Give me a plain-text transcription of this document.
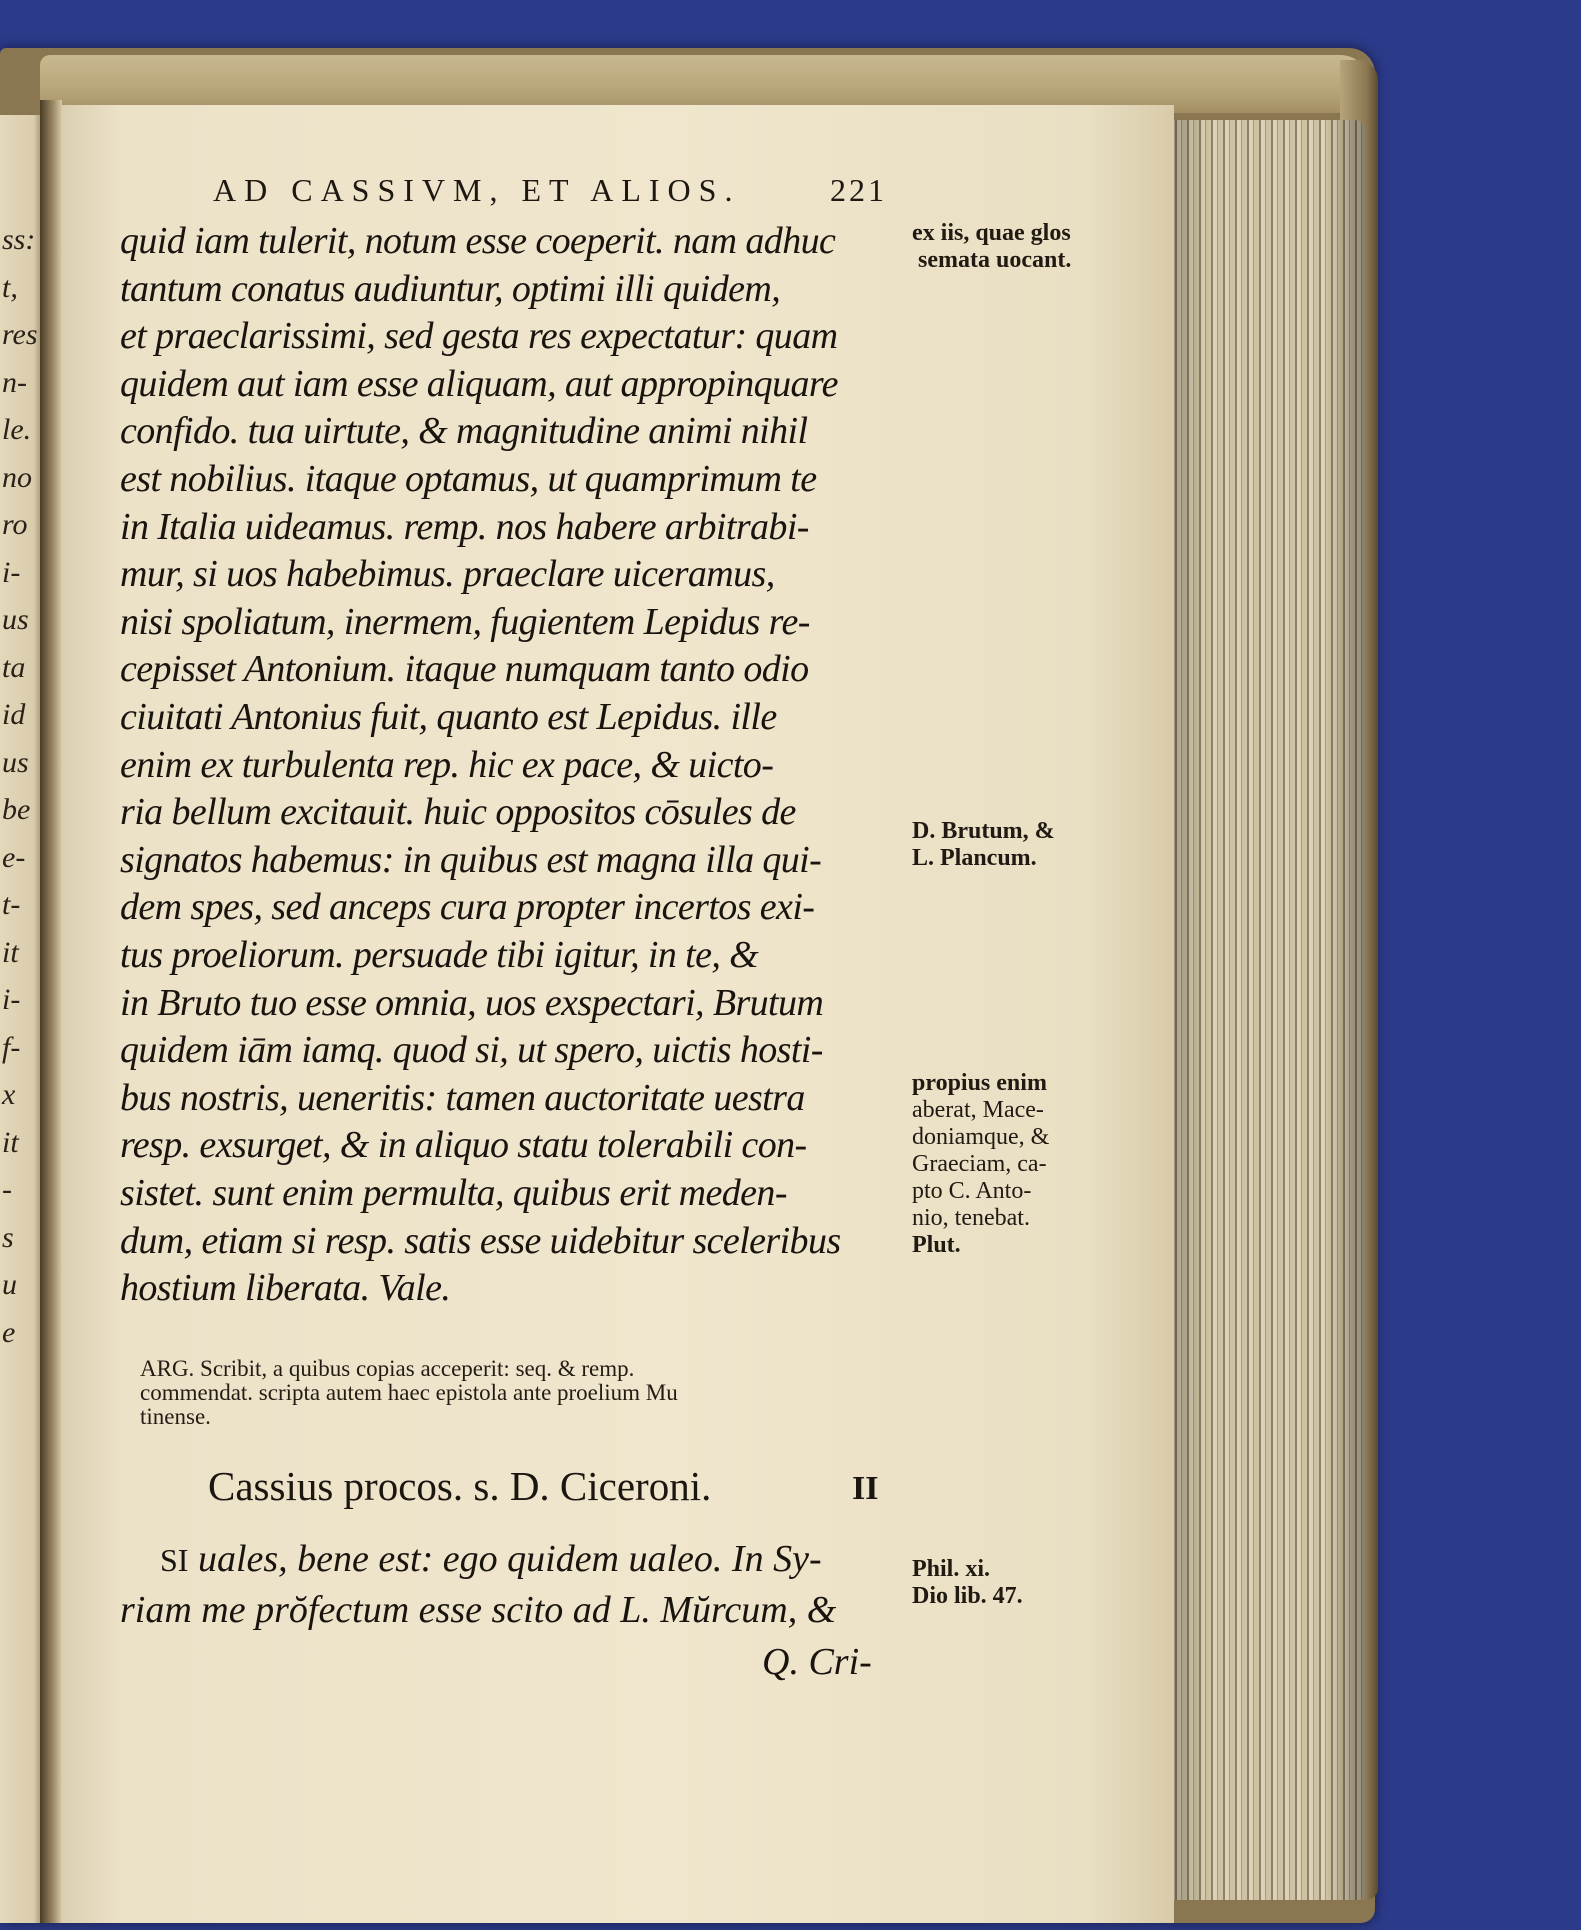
ss:
t,
res
n-
le.
no
ro
i-
us
ta
id
us
be
e-
t-
it
i-
f-
x
it
-
s
u
e
AD CASSIVM, ET ALIOS.	221
quid iam tulerit, notum esse coeperit. nam adhuc
tantum conatus audiuntur, optimi illi quidem,
et praeclarissimi, sed gesta res expectatur: quam
quidem aut iam esse aliquam, aut appropinquare
confido. tua uirtute, & magnitudine animi nihil
est nobilius. itaque optamus, ut quamprimum te
in Italia uideamus. remp. nos habere arbitrabi-
mur, si uos habebimus. praeclare uiceramus,
nisi spoliatum, inermem, fugientem Lepidus re-
cepisset Antonium. itaque numquam tanto odio
ciuitati Antonius fuit, quanto est Lepidus. ille
enim ex turbulenta rep. hic ex pace, & uicto-
ria bellum excitauit. huic oppositos cōsules de
signatos habemus: in quibus est magna illa qui-
dem spes, sed anceps cura propter incertos exi-
tus proeliorum. persuade tibi igitur, in te, &
in Bruto tuo esse omnia, uos exspectari, Brutum
quidem iām iamq. quod si, ut spero, uictis hosti-
bus nostris, ueneritis: tamen auctoritate uestra
resp. exsurget, & in aliquo statu tolerabili con-
sistet. sunt enim permulta, quibus erit meden-
dum, etiam si resp. satis esse uidebitur sceleribus
hostium liberata. Vale.
ARG. Scribit, a quibus copias acceperit: seq. & remp.
commendat. scripta autem haec epistola ante proelium Mu
tinense.
Cassius procos. s. D. Ciceroni.	II
SI uales, bene est: ego quidem ualeo. In Sy-
riam me prŏfectum esse scito ad L. Mŭrcum, &
Q. Cri-
ex iis, quae glos
semata uocant.
D. Brutum, &
L. Plancum.
propius enim
aberat, Mace-
doniamque, &
Graeciam, ca-
pto C. Anto-
nio, tenebat.
Plut.
Phil. xi.
Dio lib. 47.
